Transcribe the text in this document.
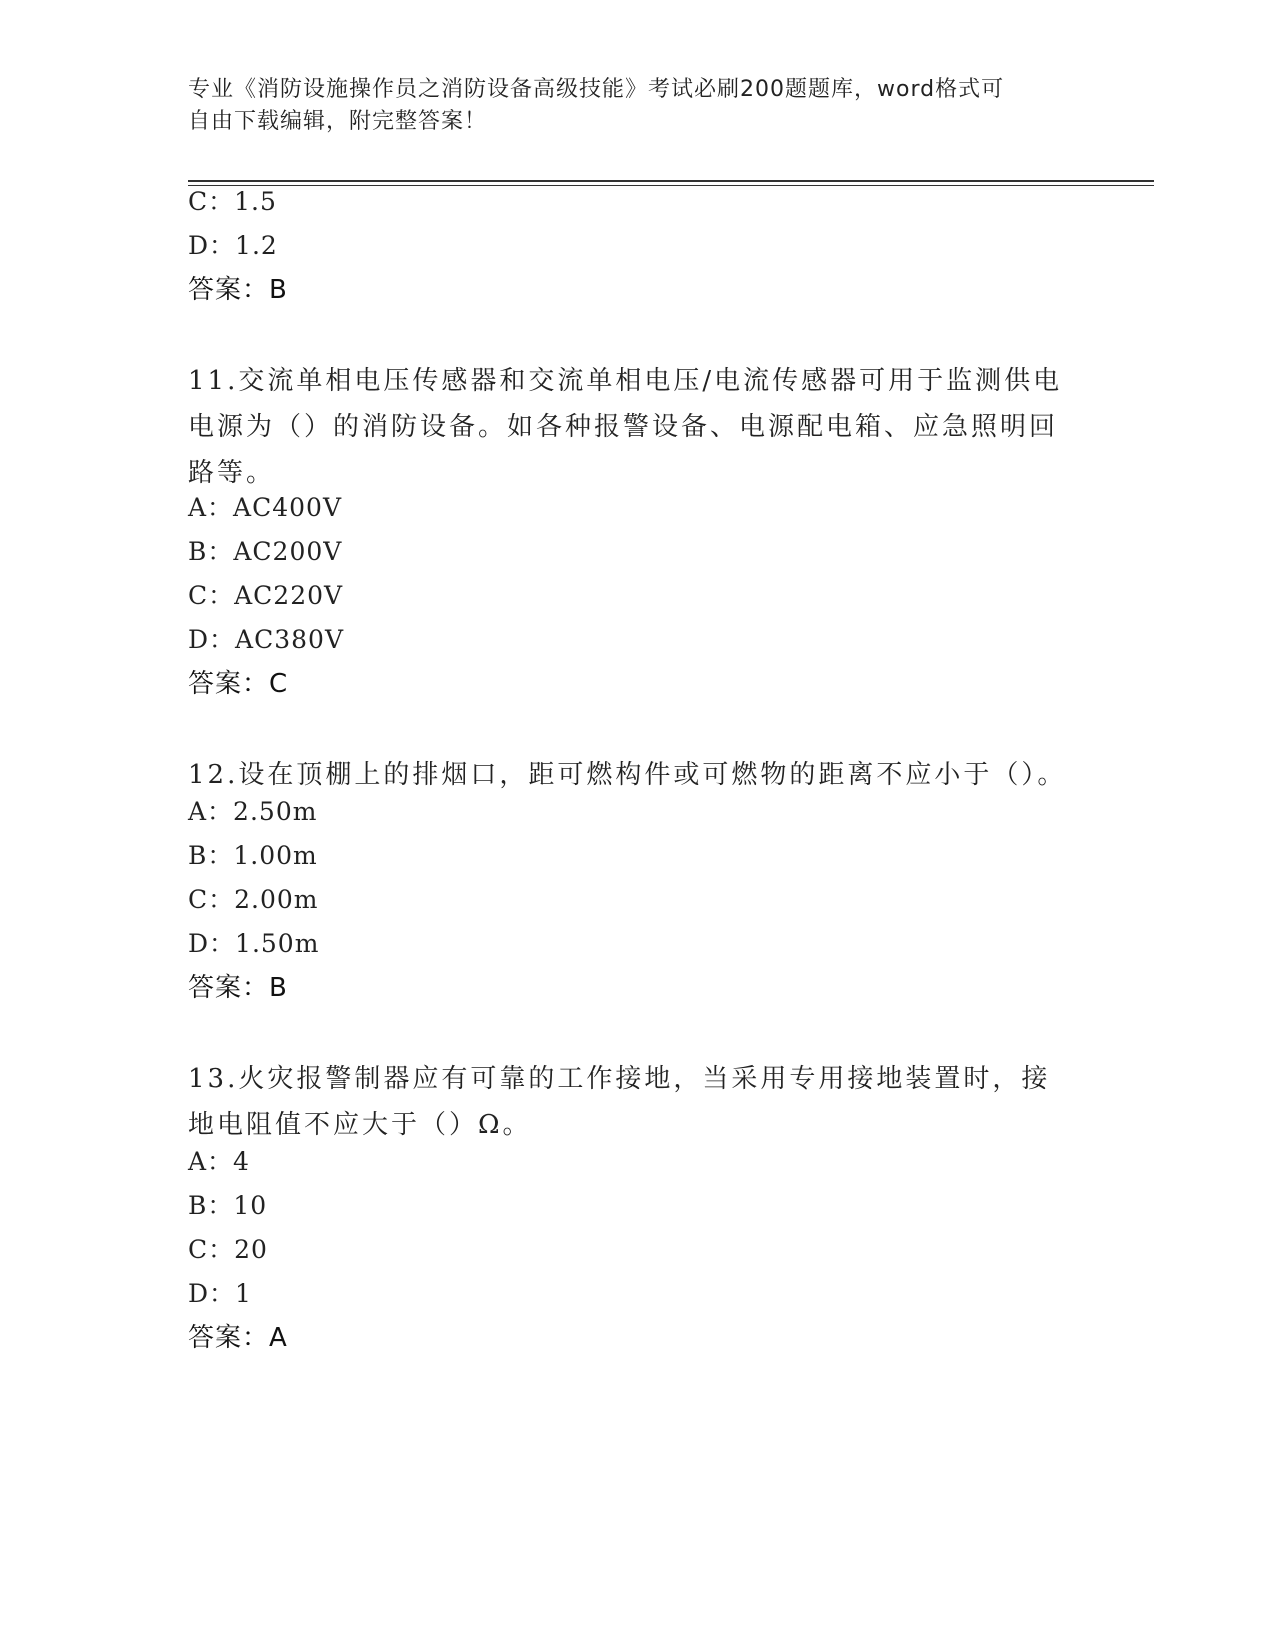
专业《消防设施操作员之消防设备高级技能》考试必刷200题题库，word格式可
自由下载编辑，附完整答案！
C：1.5
D：1.2
答案：B
11.交流单相电压传感器和交流单相电压/电流传感器可用于监测供电电源为（）的消防设备。如各种报警设备、电源配电箱、应急照明回路等。
A：AC400V
B：AC200V
C：AC220V
D：AC380V
答案：C
12.设在顶棚上的排烟口，距可燃构件或可燃物的距离不应小于（）。
A：2.50m
B：1.00m
C：2.00m
D：1.50m
答案：B
13.火灾报警制器应有可靠的工作接地，当采用专用接地装置时，接地电阻值不应大于（）Ω。
A：4
B：10
C：20
D：1
答案：A
